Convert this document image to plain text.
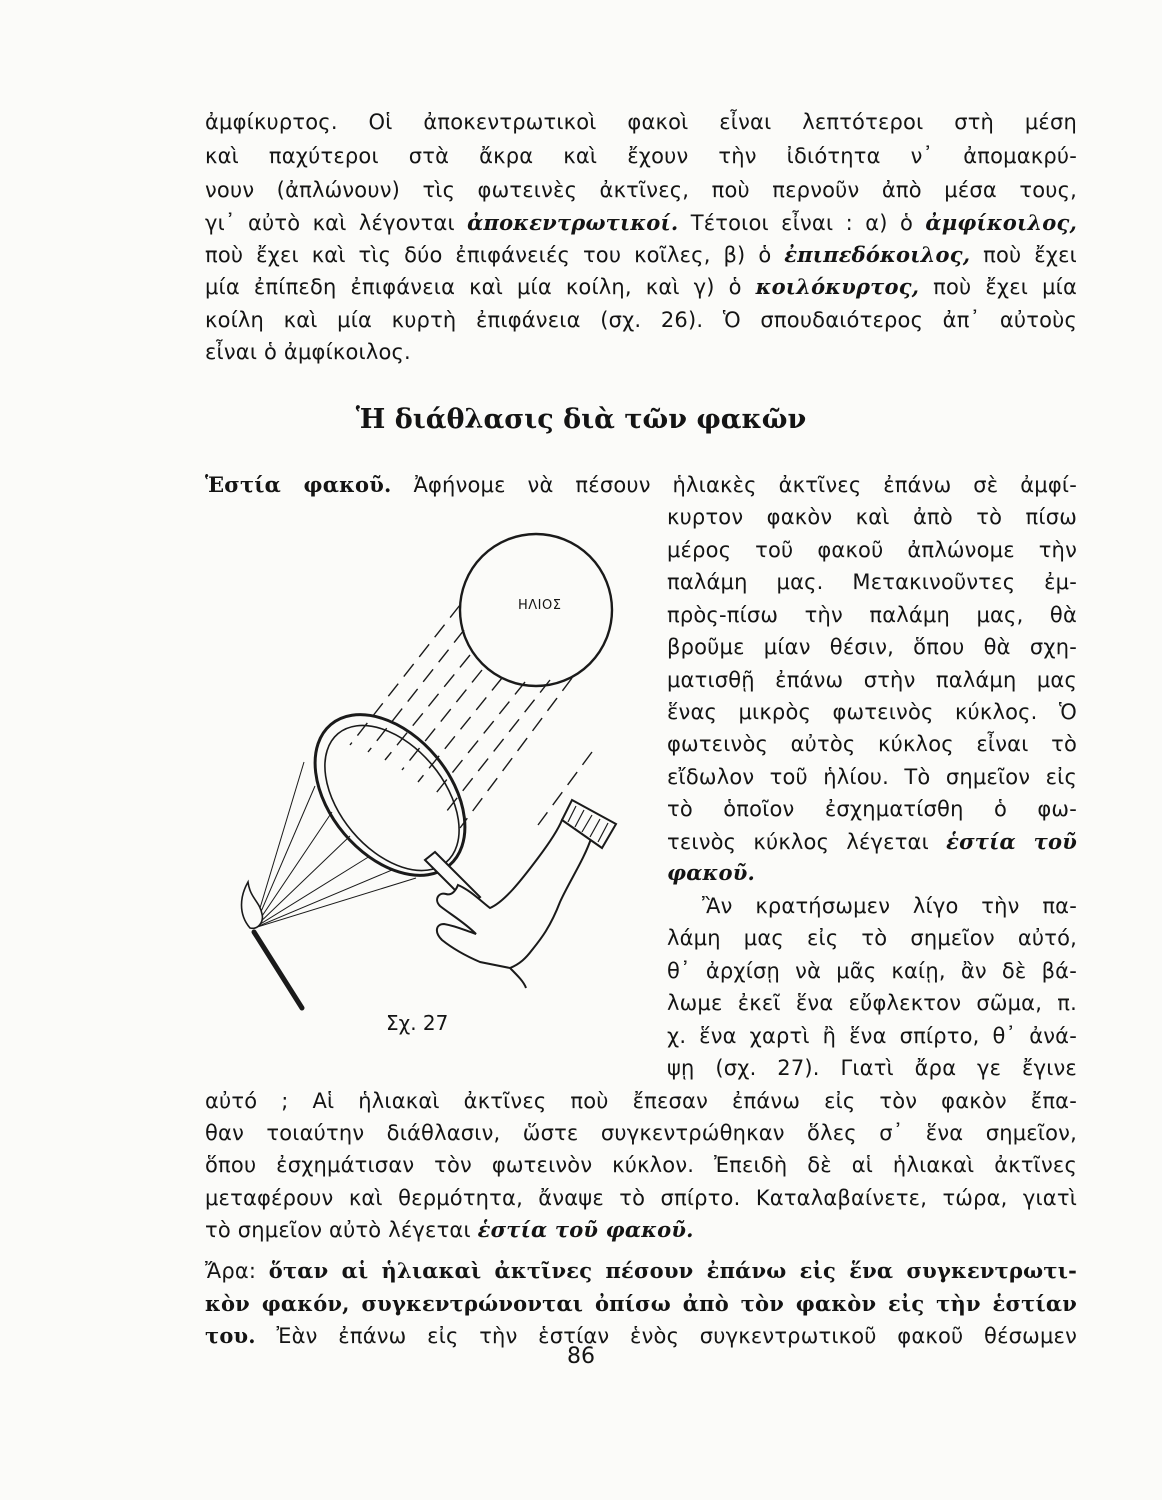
ἀμφίκυρτος. Οἱ ἀποκεντρωτικοὶ φακοὶ εἶναι λεπτότεροι στὴ μέση
καὶ παχύτεροι στὰ ἄκρα καὶ ἔχουν τὴν ἰδιότητα ν᾽ ἀπομακρύ-
νουν (ἀπλώνουν) τὶς φωτεινὲς ἀκτῖνες, ποὺ περνοῦν ἀπὸ μέσα τους,
γι᾽ αὐτὸ καὶ λέγονται ἀποκεντρωτικοί. Τέτοιοι εἶναι : α) ὁ ἀμφίκοιλος,
ποὺ ἔχει καὶ τὶς δύο ἐπιφάνειές του κοῖλες, β) ὁ ἐπιπεδόκοιλος, ποὺ ἔχει
μία ἐπίπεδη ἐπιφάνεια καὶ μία κοίλη, καὶ γ) ὁ κοιλόκυρτος, ποὺ ἔχει μία
κοίλη καὶ μία κυρτὴ ἐπιφάνεια (σχ. 26). Ὁ σπουδαιότερος ἀπ᾽ αὐτοὺς
εἶναι ὁ ἀμφίκοιλος.
Ἡ διάθλασις διὰ τῶν φακῶν
Ἑστία φακοῦ. Ἀφήνομε νὰ πέσουν ἡλιακὲς ἀκτῖνες ἐπάνω σὲ ἀμφί-
κυρτον φακὸν καὶ ἀπὸ τὸ πίσω
μέρος τοῦ φακοῦ ἀπλώνομε τὴν
παλάμη μας. Μετακινοῦντες ἐμ-
πρὸς-πίσω τὴν παλάμη μας, θὰ
βροῦμε μίαν θέσιν, ὅπου θὰ σχη-
ματισθῇ ἐπάνω στὴν παλάμη μας
ἕνας μικρὸς φωτεινὸς κύκλος. Ὁ
φωτεινὸς αὐτὸς κύκλος εἶναι τὸ
εἴδωλον τοῦ ἡλίου. Τὸ σημεῖον εἰς
τὸ ὁποῖον ἐσχηματίσθη ὁ φω-
τεινὸς κύκλος λέγεται ἑστία τοῦ
φακοῦ.
Ἂν κρατήσωμεν λίγο τὴν πα-
λάμη μας εἰς τὸ σημεῖον αὐτό,
θ᾽ ἀρχίσῃ νὰ μᾶς καίῃ, ἂν δὲ βά-
λωμε ἐκεῖ ἕνα εὔφλεκτον σῶμα, π.
χ. ἕνα χαρτὶ ἢ ἕνα σπίρτο, θ᾽ ἀνά-
ψῃ (σχ. 27). Γιατὶ ἄρα γε ἔγινε
αὐτό ; Αἱ ἡλιακαὶ ἀκτῖνες ποὺ ἔπεσαν ἐπάνω εἰς τὸν φακὸν ἔπα-
θαν τοιαύτην διάθλασιν, ὥστε συγκεντρώθηκαν ὅλες σ᾽ ἕνα σημεῖον,
ὅπου ἐσχημάτισαν τὸν φωτεινὸν κύκλον. Ἐπειδὴ δὲ αἱ ἡλιακαὶ ἀκτῖνες
μεταφέρουν καὶ θερμότητα, ἄναψε τὸ σπίρτο. Καταλαβαίνετε, τώρα, γιατὶ
τὸ σημεῖον αὐτὸ λέγεται ἑστία τοῦ φακοῦ.
Ἄρα: ὅταν αἱ ἡλιακαὶ ἀκτῖνες πέσουν ἐπάνω εἰς ἕνα συγκεντρωτι-
κὸν φακόν, συγκεντρώνονται ὀπίσω ἀπὸ τὸν φακὸν εἰς τὴν ἑστίαν
του. Ἐὰν ἐπάνω εἰς τὴν ἑστίαν ἑνὸς συγκεντρωτικοῦ φακοῦ θέσωμεν
ΗΛΙΟΣ
Σχ. 27
86
